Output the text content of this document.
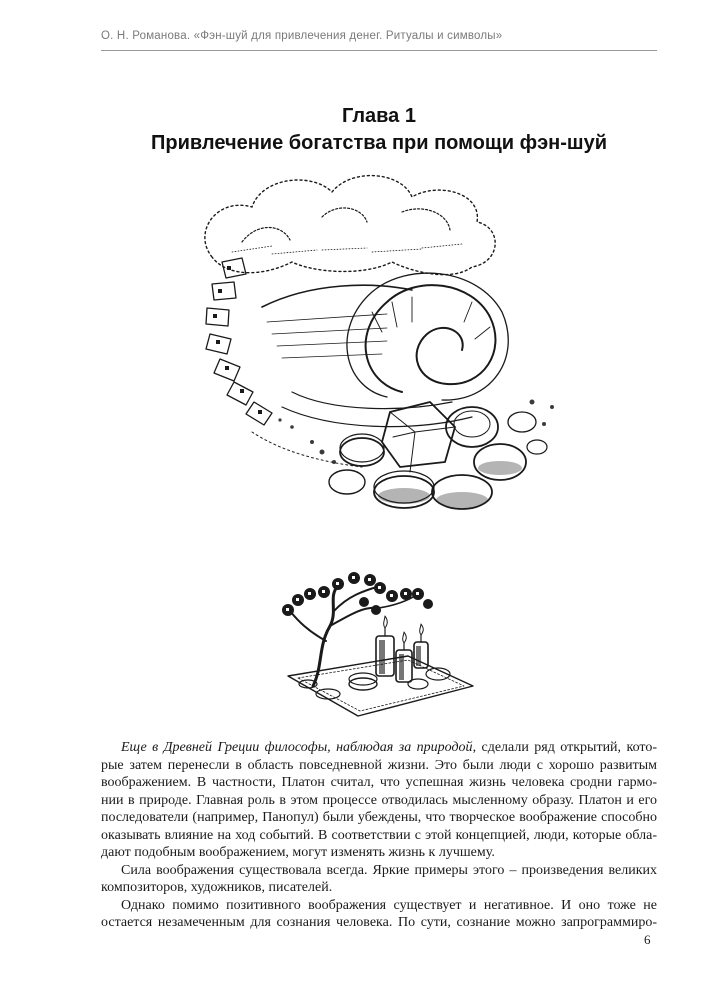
О. Н. Романова. «Фэн-шуй для привлечения денег. Ритуалы и символы»
Глава 1
Привлечение богатства при помощи фэн-шуй
Еще в Древней Греции философы, наблюдая за природой, сделали ряд открытий, кото-
рые затем перенесли в область повседневной жизни. Это были люди с хорошо развитым
воображением. В частности, Платон считал, что успешная жизнь человека сродни гармо-
нии в природе. Главная роль в этом процессе отводилась мысленному образу. Платон и его
последователи (например, Панопул) были убеждены, что творческое воображение способно
оказывать влияние на ход событий. В соответствии с этой концепцией, люди, которые обла-
дают подобным воображением, могут изменять жизнь к лучшему.
Сила воображения существовала всегда. Яркие примеры этого – произведения великих
композиторов, художников, писателей.
Однако помимо позитивного воображения существует и негативное. И оно тоже не
остается незамеченным для сознания человека. По сути, сознание можно запрограммиро-
6
